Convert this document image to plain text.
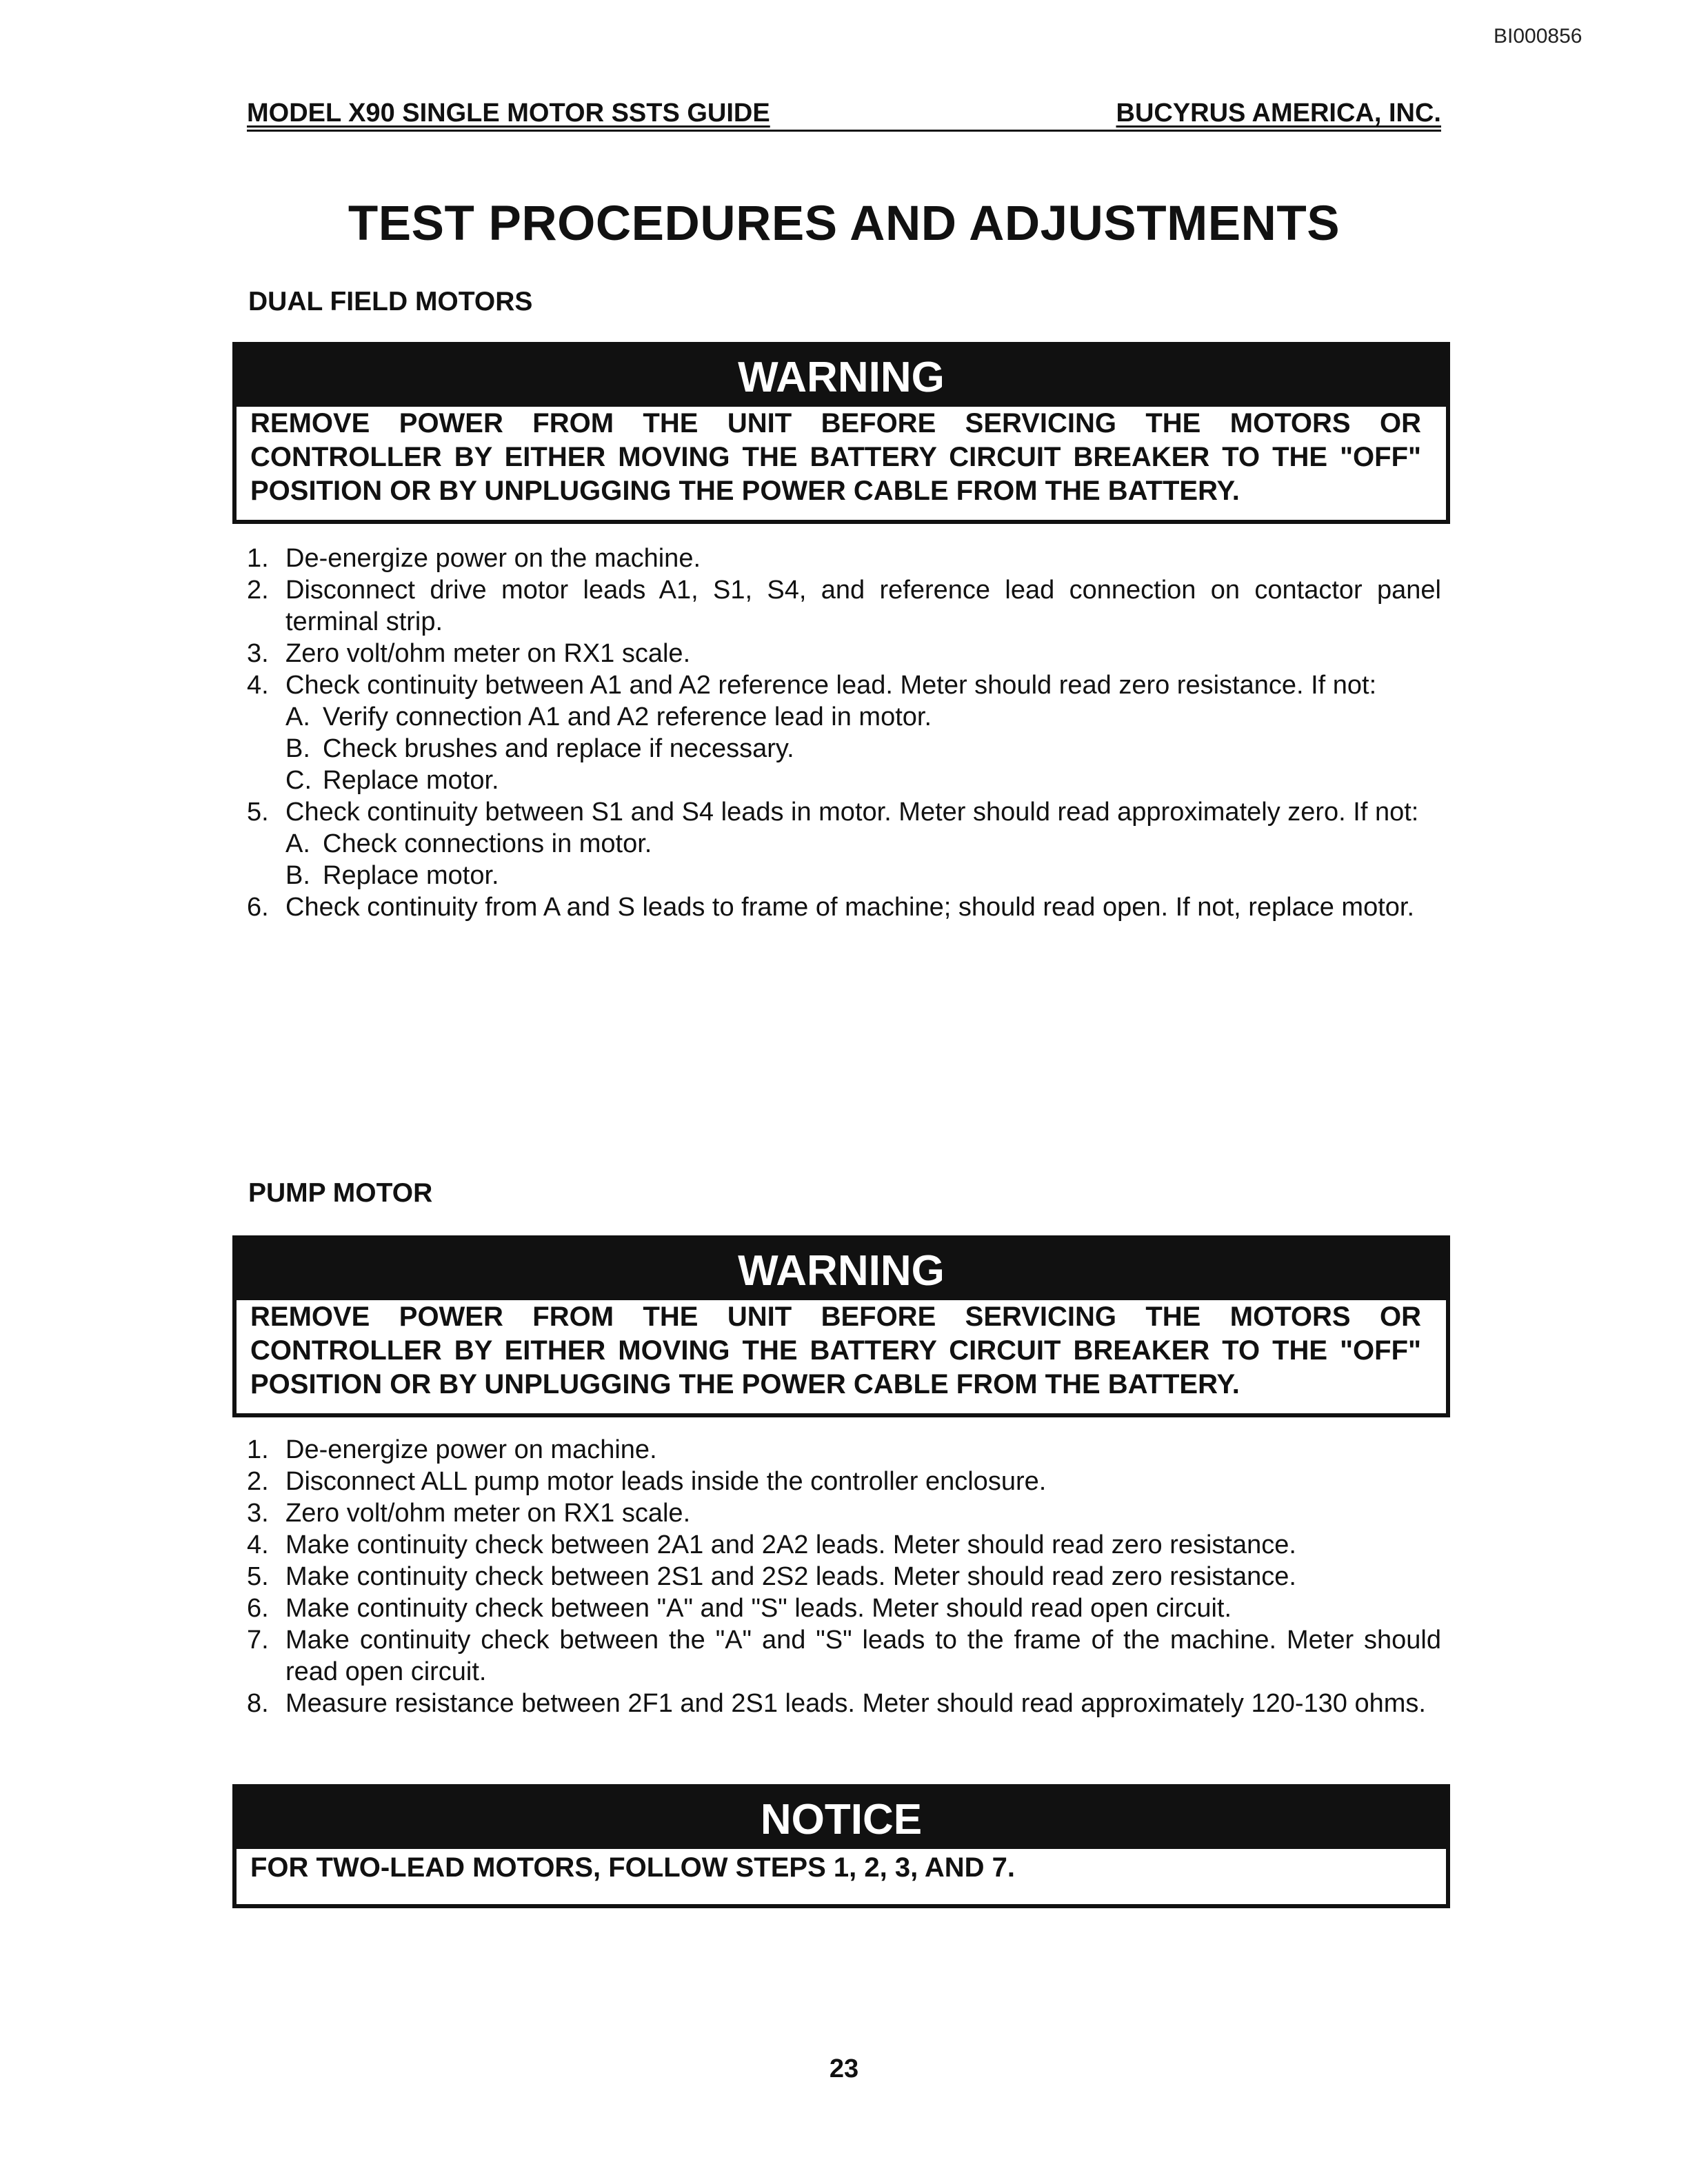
BI000856
MODEL X90 SINGLE MOTOR SSTS GUIDE	BUCYRUS AMERICA, INC.
TEST PROCEDURES AND ADJUSTMENTS
DUAL FIELD MOTORS
WARNING
REMOVE POWER FROM THE UNIT BEFORE SERVICING THE MOTORS OR CONTROLLER BY EITHER MOVING THE BATTERY CIRCUIT BREAKER TO THE "OFF" POSITION OR BY UNPLUGGING THE POWER CABLE FROM THE BATTERY.
1. De-energize power on the machine.
2. Disconnect drive motor leads A1, S1, S4, and reference lead connection on contactor panel terminal strip.
3. Zero volt/ohm meter on RX1 scale.
4. Check continuity between A1 and A2 reference lead. Meter should read zero resistance. If not:
A. Verify connection A1 and A2 reference lead in motor.
B. Check brushes and replace if necessary.
C. Replace motor.
5. Check continuity between S1 and S4 leads in motor. Meter should read approximately zero. If not:
A. Check connections in motor.
B. Replace motor.
6. Check continuity from A and S leads to frame of machine; should read open. If not, replace motor.
PUMP MOTOR
WARNING
REMOVE POWER FROM THE UNIT BEFORE SERVICING THE MOTORS OR CONTROLLER BY EITHER MOVING THE BATTERY CIRCUIT BREAKER TO THE "OFF" POSITION OR BY UNPLUGGING THE POWER CABLE FROM THE BATTERY.
1. De-energize power on machine.
2. Disconnect ALL pump motor leads inside the controller enclosure.
3. Zero volt/ohm meter on RX1 scale.
4. Make continuity check between 2A1 and 2A2 leads. Meter should read zero resistance.
5. Make continuity check between 2S1 and 2S2 leads. Meter should read zero resistance.
6. Make continuity check between "A" and "S" leads. Meter should read open circuit.
7. Make continuity check between the "A" and "S" leads to the frame of the machine. Meter should read open circuit.
8. Measure resistance between 2F1 and 2S1 leads. Meter should read approximately 120-130 ohms.
NOTICE
FOR TWO-LEAD MOTORS, FOLLOW STEPS 1, 2, 3, AND 7.
23
